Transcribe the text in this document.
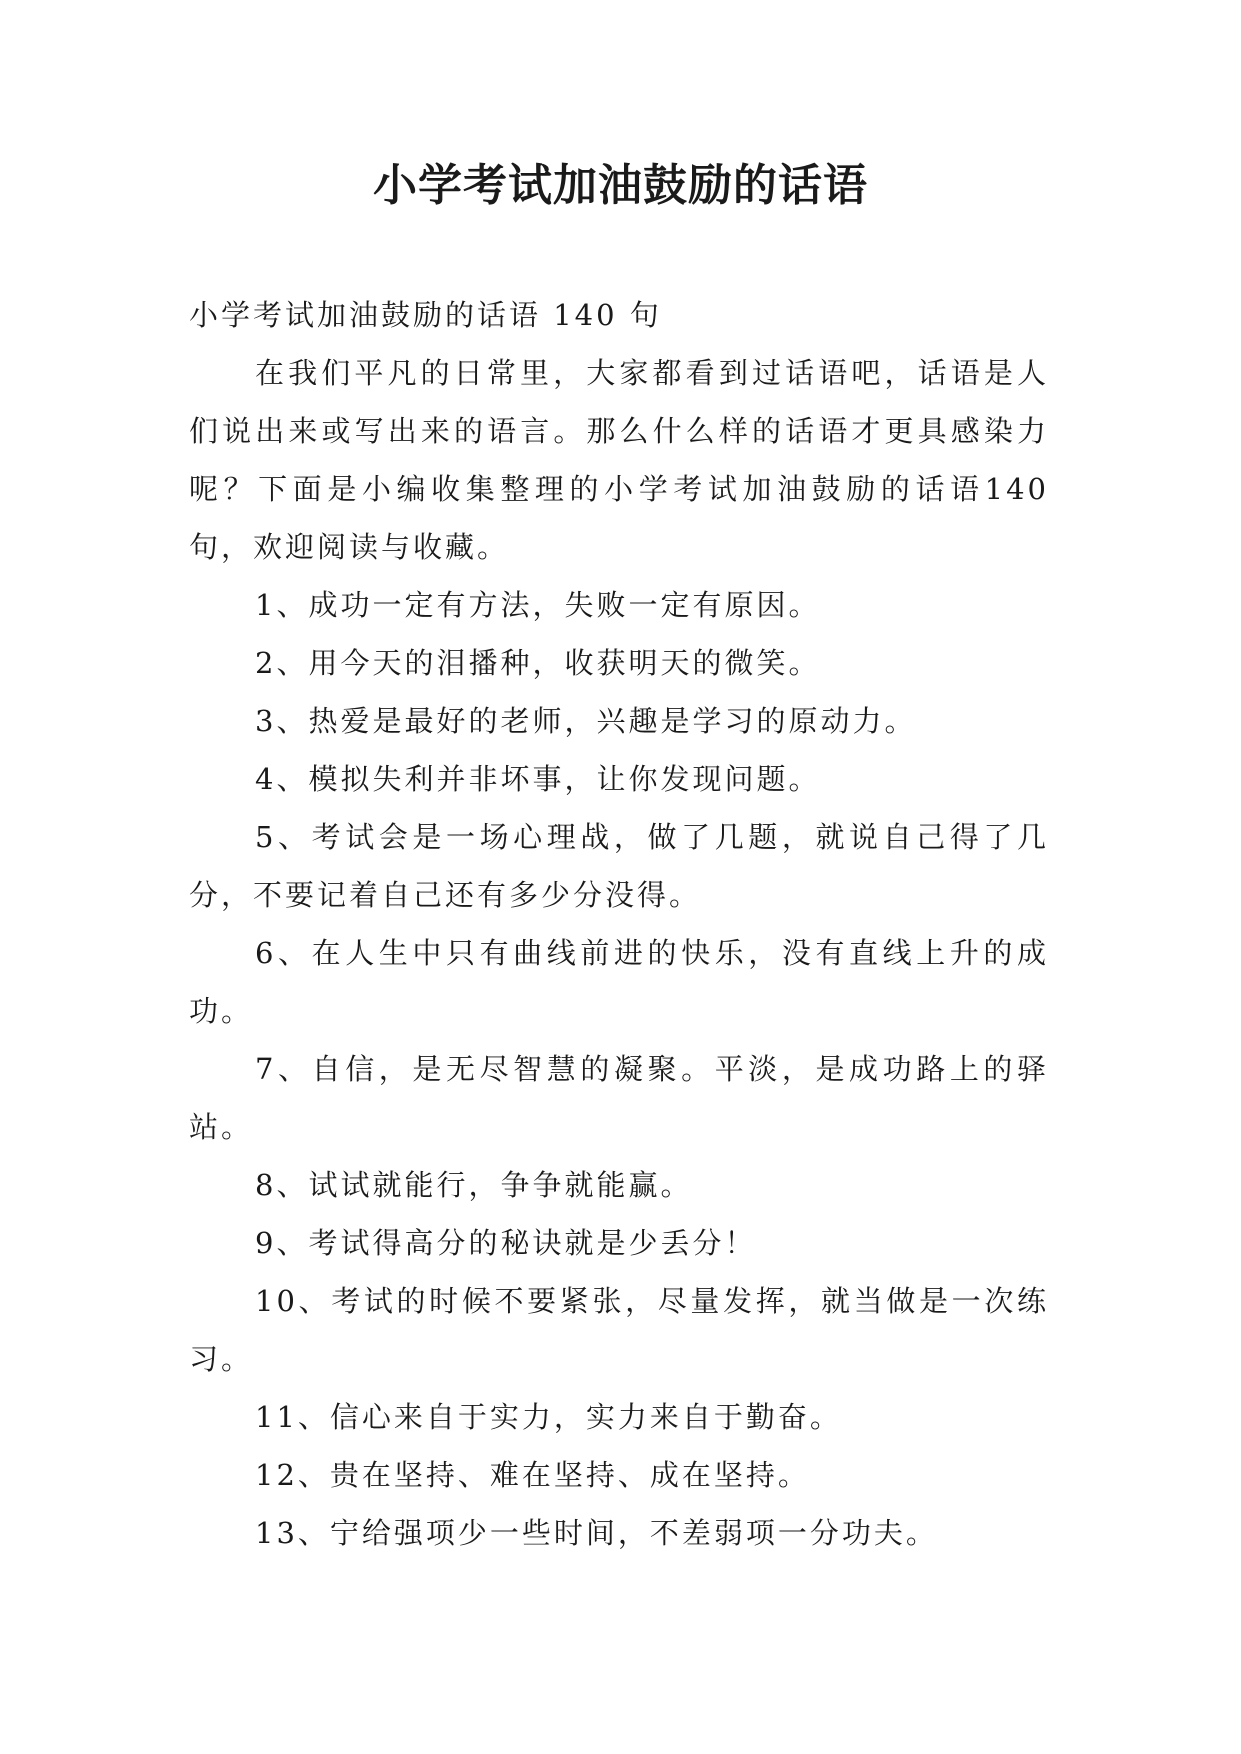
小学考试加油鼓励的话语

小学考试加油鼓励的话语 140 句

在我们平凡的日常里，大家都看到过话语吧，话语是人们说出来或写出来的语言。那么什么样的话语才更具感染力呢？下面是小编收集整理的小学考试加油鼓励的话语140句，欢迎阅读与收藏。

1、成功一定有方法，失败一定有原因。

2、用今天的泪播种，收获明天的微笑。

3、热爱是最好的老师，兴趣是学习的原动力。

4、模拟失利并非坏事，让你发现问题。

5、考试会是一场心理战，做了几题，就说自己得了几分，不要记着自己还有多少分没得。

6、在人生中只有曲线前进的快乐，没有直线上升的成功。

7、自信，是无尽智慧的凝聚。平淡，是成功路上的驿站。

8、试试就能行，争争就能赢。

9、考试得高分的秘诀就是少丢分！

10、考试的时候不要紧张，尽量发挥，就当做是一次练习。

11、信心来自于实力，实力来自于勤奋。

12、贵在坚持、难在坚持、成在坚持。

13、宁给强项少一些时间，不差弱项一分功夫。
